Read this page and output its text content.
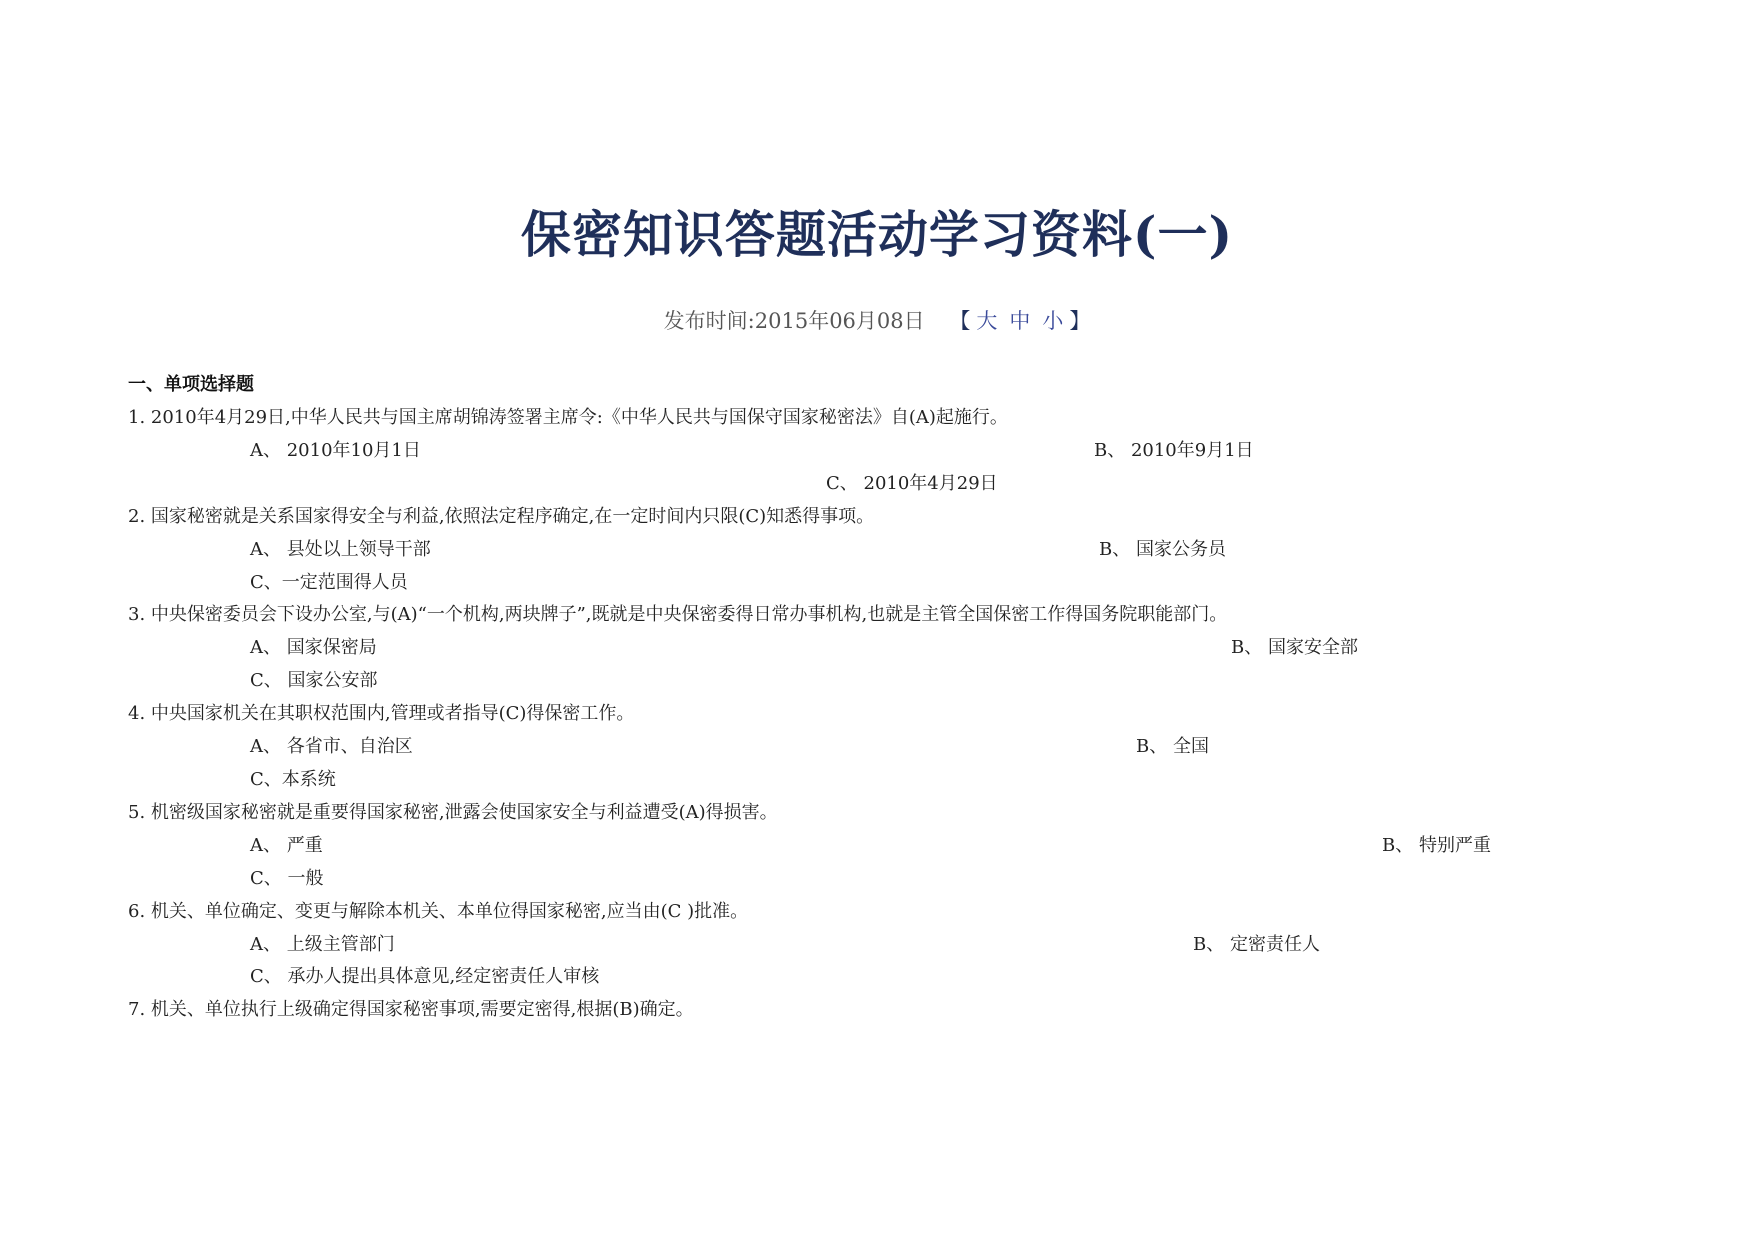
保密知识答题活动学习资料(一)
发布时间:2015年06月08日 【 大 中 小 】
一、单项选择题
1. 2010年4月29日,中华人民共与国主席胡锦涛签署主席令:《中华人民共与国保守国家秘密法》自(A)起施行。
A、 2010年10月1日	B、 2010年9月1日
C、 2010年4月29日
2. 国家秘密就是关系国家得安全与利益,依照法定程序确定,在一定时间内只限(C)知悉得事项。
A、 县处以上领导干部	B、 国家公务员
C、一定范围得人员
3. 中央保密委员会下设办公室,与(A)“一个机构,两块牌子”,既就是中央保密委得日常办事机构,也就是主管全国保密工作得国务院职能部门。
A、 国家保密局	B、 国家安全部
C、 国家公安部
4. 中央国家机关在其职权范围内,管理或者指导(C)得保密工作。
A、 各省市、自治区	B、 全国
C、本系统
5. 机密级国家秘密就是重要得国家秘密,泄露会使国家安全与利益遭受(A)得损害。
A、 严重	B、 特别严重
C、 一般
6. 机关、单位确定、变更与解除本机关、本单位得国家秘密,应当由(C )批准。
A、 上级主管部门	B、 定密责任人
C、 承办人提出具体意见,经定密责任人审核
7. 机关、单位执行上级确定得国家秘密事项,需要定密得,根据(B)确定。
